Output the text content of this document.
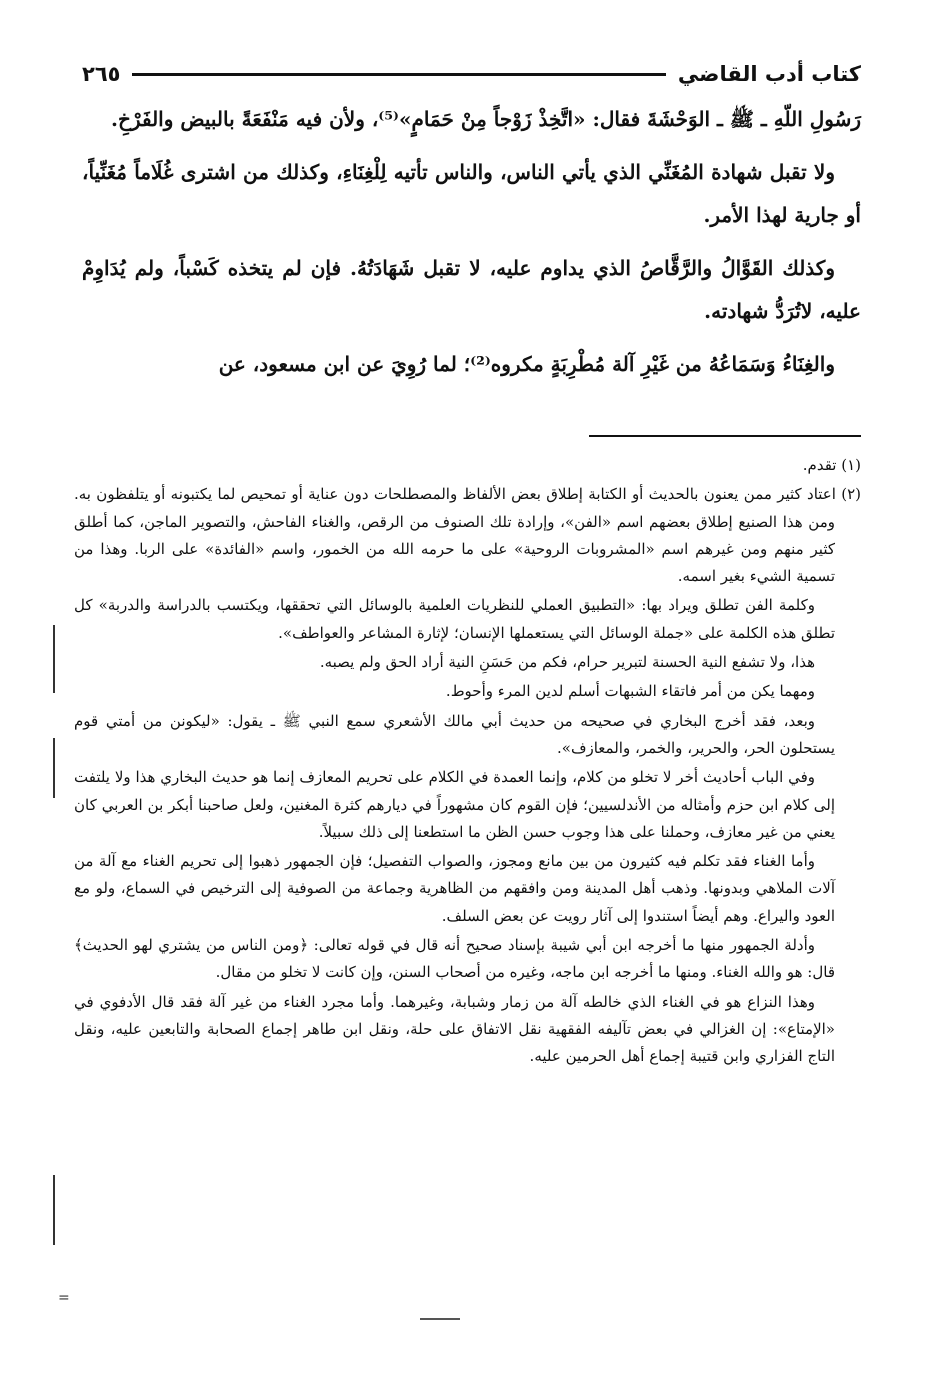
كتاب أدب القاضي
٢٦٥

رَسُولِ اللّهِ ـ ﷺ ـ الوَحْشَةَ فقال: «اتَّخِذْ زَوْجاً مِنْ حَمَامٍ»⁽⁵⁾، ولأن فيه مَنْفَعَةً بالبيض والفَرْخِ.

ولا تقبل شهادة المُغَنِّي الذي يأتي الناس، والناس تأتيه لِلْغِنَاءِ، وكذلك من اشترى غُلَاماً مُغَنِّياً، أو جارية لهذا الأمر.

وكذلك القَوَّالُ والرَّقَّاصُ الذي يداوم عليه، لا تقبل شَهَادَتُهُ. فإن لم يتخذه كَسْباً، ولم يُدَاوِمْ عليه، لاتُرَدُّ شهادته.

والغِنَاءُ وَسَمَاعُهُ من غَيْرِ آلة مُطْرِبَةٍ مكروه⁽²⁾؛ لما رُوِيَ عن ابن مسعود، عن

(١) تقدم.

(٢) اعتاد كثير ممن يعنون بالحديث أو الكتابة إطلاق بعض الألفاظ والمصطلحات دون عناية أو تمحيص لما يكتبونه أو يتلفظون به. ومن هذا الصنيع إطلاق بعضهم اسم «الفن»، وإرادة تلك الصنوف من الرقص، والغناء الفاحش، والتصوير الماجن، كما أطلق كثير منهم ومن غيرهم اسم «المشروبات الروحية» على ما حرمه الله من الخمور، واسم «الفائدة» على الربا. وهذا من تسمية الشيء بغير اسمه.

وكلمة الفن تطلق ويراد بها: «التطبيق العملي للنظريات العلمية بالوسائل التي تحققها، ويكتسب بالدراسة والدربة» كل تطلق هذه الكلمة على «جملة الوسائل التي يستعملها الإنسان؛ لإثارة المشاعر والعواطف».

هذا، ولا تشفع النية الحسنة لتبرير حرام، فكم من حَسَنِ النية أراد الحق ولم يصبه.

ومهما يكن من أمر فاتقاء الشبهات أسلم لدين المرء وأحوط.

وبعد، فقد أخرج البخاري في صحيحه من حديث أبي مالك الأشعري سمع النبي ﷺ ـ يقول: «ليكونن من أمتي قوم يستحلون الحر، والحرير، والخمر، والمعازف».

وفي الباب أحاديث أخر لا تخلو من كلام، وإنما العمدة في الكلام على تحريم المعازف إنما هو حديث البخاري هذا ولا يلتفت إلى كلام ابن حزم وأمثاله من الأندلسيين؛ فإن القوم كان مشهوراً في ديارهم كثرة المغنين، ولعل صاحبنا أبكر بن العربي كان يعني من غير معازف، وحملنا على هذا وجوب حسن الظن ما استطعنا إلى ذلك سبيلاً.

وأما الغناء فقد تكلم فيه كثيرون من بين مانع ومجوز، والصواب التفصيل؛ فإن الجمهور ذهبوا إلى تحريم الغناء مع آلة من آلات الملاهي وبدونها. وذهب أهل المدينة ومن وافقهم من الظاهرية وجماعة من الصوفية إلى الترخيص في السماع، ولو مع العود واليراع. وهم أيضاً استندوا إلى آثار رويت عن بعض السلف.

وأدلة الجمهور منها ما أخرجه ابن أبي شيبة بإسناد صحيح أنه قال في قوله تعالى: ﴿ومن الناس من يشتري لهو الحديث﴾ قال: هو والله الغناء. ومنها ما أخرجه ابن ماجه، وغيره من أصحاب السنن، وإن كانت لا تخلو من مقال.

وهذا النزاع هو في الغناء الذي خالطه آلة من زمار وشبابة، وغيرهما. وأما مجرد الغناء من غير آلة فقد قال الأدفوي في «الإمتاع»: إن الغزالي في بعض تآليفه الفقهية نقل الاتفاق على حلة، ونقل ابن طاهر إجماع الصحابة والتابعين عليه، ونقل التاج الفزاري وابن قتيبة إجماع أهل الحرمين عليه.

=
